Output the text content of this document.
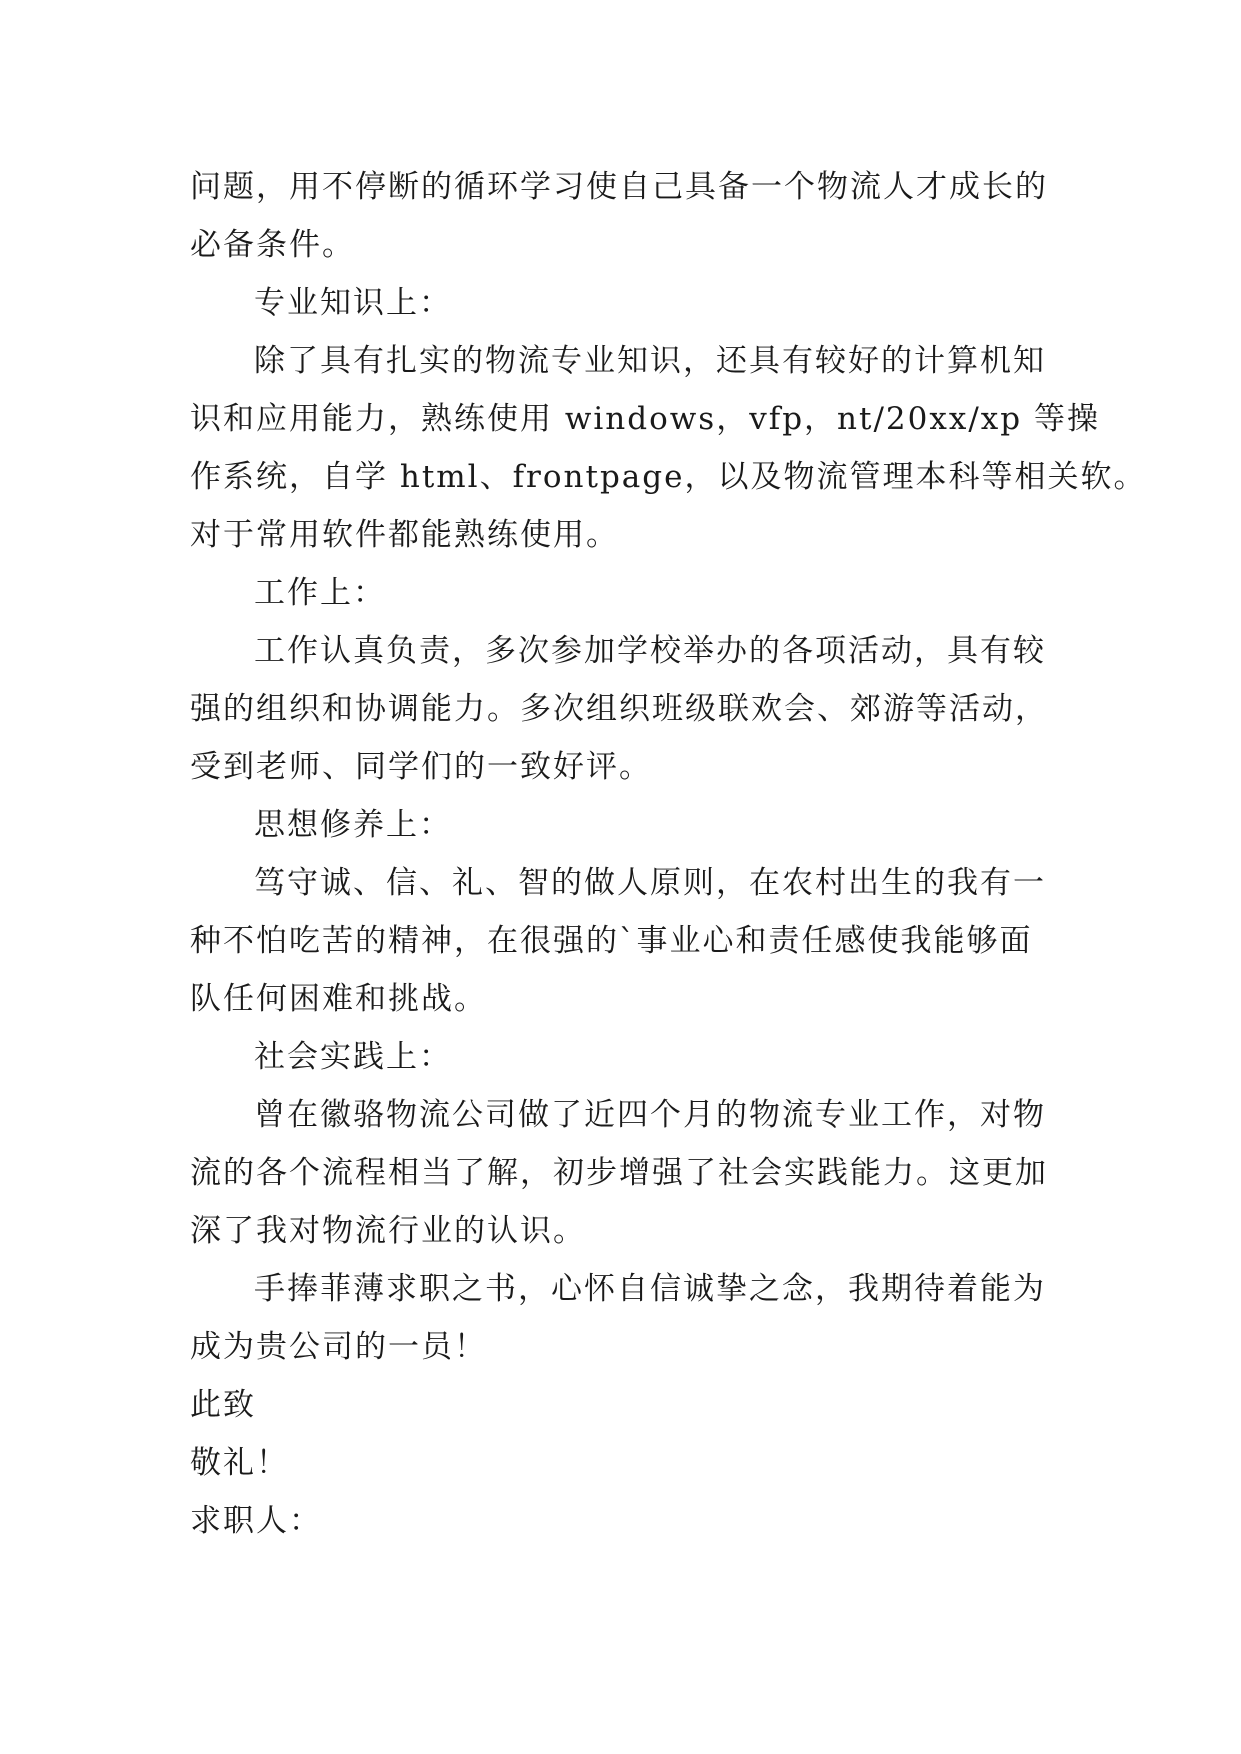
问题，用不停断的循环学习使自己具备一个物流人才成长的
必备条件。
专业知识上：
除了具有扎实的物流专业知识，还具有较好的计算机知
识和应用能力，熟练使用 windows，vfp，nt/20xx/xp 等操
作系统，自学 html、frontpage，以及物流管理本科等相关软。
对于常用软件都能熟练使用。
工作上：
工作认真负责，多次参加学校举办的各项活动，具有较
强的组织和协调能力。多次组织班级联欢会、郊游等活动，
受到老师、同学们的一致好评。
思想修养上：
笃守诚、信、礼、智的做人原则，在农村出生的我有一
种不怕吃苦的精神，在很强的`事业心和责任感使我能够面
队任何困难和挑战。
社会实践上：
曾在徽骆物流公司做了近四个月的物流专业工作，对物
流的各个流程相当了解，初步增强了社会实践能力。这更加
深了我对物流行业的认识。
手捧菲薄求职之书，心怀自信诚挚之念，我期待着能为
成为贵公司的一员！
此致
敬礼！
求职人：
